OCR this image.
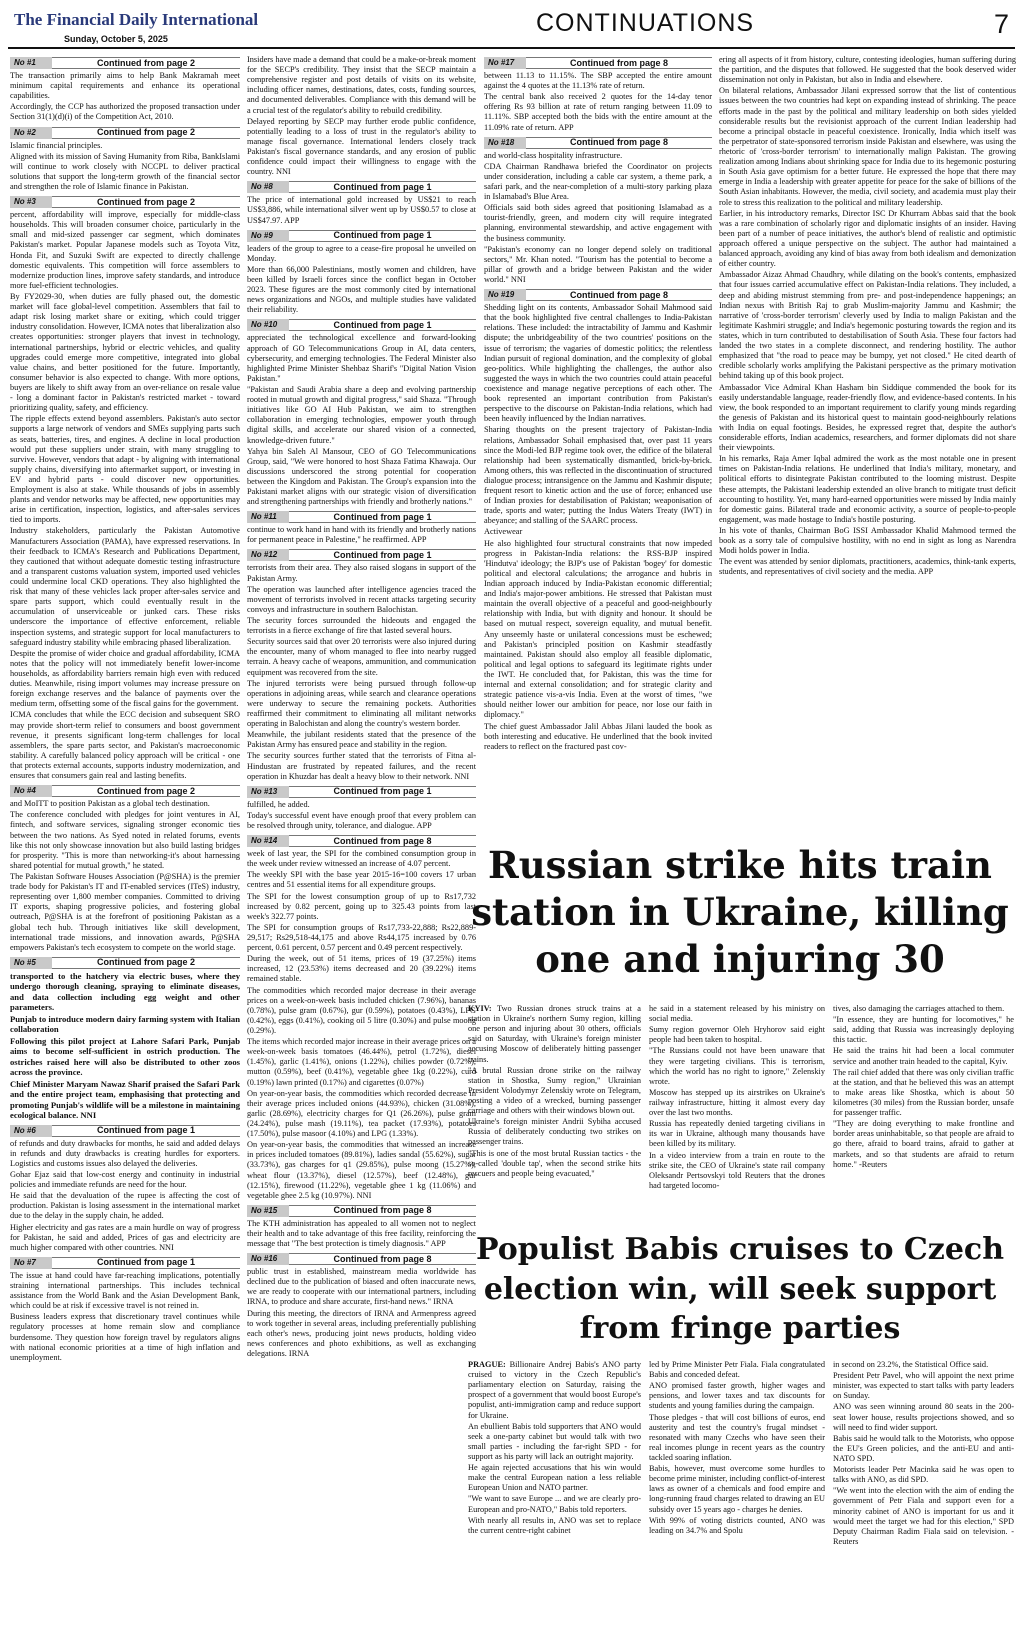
The Financial Daily International
Sunday, October 5, 2025
CONTINUATIONS	7
No #1	Continued from page 2

The transaction primarily aims to help Bank Makramah meet minimum capital requirements and enhance its operational capabilities.

Accordingly, the CCP has authorized the proposed transaction under Section 31(1)(d)(i) of the Competition Act, 2010.

No #2	Continued from page 2

Islamic financial principles.

Aligned with its mission of Saving Humanity from Riba, BankIslami will continue to work closely with NCCPL to deliver practical solutions that support the long-term growth of the financial sector and strengthen the role of Islamic finance in Pakistan.

No #3	Continued from page 2

percent, affordability will improve, especially for middle-class households. This will broaden consumer choice, particularly in the small and mid-sized passenger car segment, which dominates Pakistan's market. Popular Japanese models such as Toyota Vitz, Honda Fit, and Suzuki Swift are expected to directly challenge domestic equivalents. This competition will force assemblers to modernize production lines, improve safety standards, and introduce more fuel-efficient technologies.

By FY2029-30, when duties are fully phased out, the domestic market will face global-level competition. Assemblers that fail to adapt risk losing market share or exiting, which could trigger industry consolidation. However, ICMA notes that liberalization also creates opportunities: stronger players that invest in technology, international partnerships, hybrid or electric vehicles, and quality upgrades could emerge more competitive, integrated into global value chains, and better positioned for the future. Importantly, consumer behavior is also expected to change. With more options, buyers are likely to shift away from an over-reliance on resale value - long a dominant factor in Pakistan's restricted market - toward prioritizing quality, safety, and efficiency.

The ripple effects extend beyond assemblers. Pakistan's auto sector supports a large network of vendors and SMEs supplying parts such as seats, batteries, tires, and engines. A decline in local production would put these suppliers under strain, with many struggling to survive. However, vendors that adapt - by aligning with international supply chains, diversifying into aftermarket support, or investing in EV and hybrid parts - could discover new opportunities. Employment is also at stake. While thousands of jobs in assembly plants and vendor networks may be affected, new opportunities may arise in certification, inspection, logistics, and after-sales services tied to imports.

Industry stakeholders, particularly the Pakistan Automotive Manufacturers Association (PAMA), have expressed reservations. In their feedback to ICMA's Research and Publications Department, they cautioned that without adequate domestic testing infrastructure and a transparent customs valuation system, imported used vehicles could undermine local CKD operations. They also highlighted the risk that many of these vehicles lack proper after-sales service and spare parts support, which could eventually result in the accumulation of unserviceable or junked cars. These risks underscore the importance of effective enforcement, reliable inspection systems, and strategic support for local manufacturers to safeguard industry stability while embracing phased liberalization.

Despite the promise of wider choice and gradual affordability, ICMA notes that the policy will not immediately benefit lower-income households, as affordability barriers remain high even with reduced duties. Meanwhile, rising import volumes may increase pressure on foreign exchange reserves and the balance of payments over the medium term, offsetting some of the fiscal gains for the government.

ICMA concludes that while the ECC decision and subsequent SRO may provide short-term relief to consumers and boost government revenue, it presents significant long-term challenges for local assemblers, the spare parts sector, and Pakistan's macroeconomic stability. A carefully balanced policy approach will be critical - one that protects external accounts, supports industry modernization, and ensures that consumers gain real and lasting benefits.

No #4	Continued from page 2

and MoITT to position Pakistan as a global tech destination.

The conference concluded with pledges for joint ventures in AI, fintech, and software services, signaling stronger economic ties between the two nations. As Syed noted in related forums, events like this not only showcase innovation but also build lasting bridges for prosperity. "This is more than networking-it's about harnessing shared potential for mutual growth," he stated.

The Pakistan Software Houses Association (P@SHA) is the premier trade body for Pakistan's IT and IT-enabled services (ITeS) industry, representing over 1,800 member companies. Committed to driving IT exports, shaping progressive policies, and fostering global outreach, P@SHA is at the forefront of positioning Pakistan as a global tech hub. Through initiatives like skill development, international trade missions, and innovation awards, P@SHA empowers Pakistan's tech ecosystem to compete on the world stage.

No #5	Continued from page 2

transported to the hatchery via electric buses, where they undergo thorough cleaning, spraying to eliminate diseases, and data collection including egg weight and other parameters.

Punjab to introduce modern dairy farming system with Italian collaboration

Following this pilot project at Lahore Safari Park, Punjab aims to become self-sufficient in ostrich production. The ostriches raised here will also be distributed to other zoos across the province.

Chief Minister Maryam Nawaz Sharif praised the Safari Park and the entire project team, emphasising that protecting and promoting Punjab's wildlife will be a milestone in maintaining ecological balance. NNI

No #6	Continued from page 1

of refunds and duty drawbacks for months, he said and added delays in refunds and duty drawbacks is creating hurdles for exporters. Logistics and customs issues also delayed the deliveries.

Gohar Ejaz said that low-cost energy and continuity in industrial policies and immediate refunds are need for the hour.

He said that the devaluation of the rupee is affecting the cost of production. Pakistan is losing assessment in the international market due to the delay in the supply chain, he added.

Higher electricity and gas rates are a main hurdle on way of progress for Pakistan, he said and added, Prices of gas and electricity are much higher compared with other countries. NNI

No #7	Continued from page 1

The issue at hand could have far-reaching implications, potentially straining international partnerships. This includes technical assistance from the World Bank and the Asian Development Bank, which could be at risk if excessive travel is not reined in.

Business leaders express that discretionary travel continues while regulatory processes at home remain slow and compliance burdensome. They question how foreign travel by regulators aligns with national economic priorities at a time of high inflation and unemployment.

Insiders have made a demand that could be a make-or-break moment for the SECP's credibility. They insist that the SECP maintain a comprehensive register and post details of visits on its website, including officer names, destinations, dates, costs, funding sources, and documented deliverables. Compliance with this demand will be a crucial test of the regulator's ability to rebuild credibility.

Delayed reporting by SECP may further erode public confidence, potentially leading to a loss of trust in the regulator's ability to manage fiscal governance. International lenders closely track Pakistan's fiscal governance standards, and any erosion of public confidence could impact their willingness to engage with the country. NNI

No #8	Continued from page 1

The price of international gold increased by US$21 to reach US$3,886, while international silver went up by US$0.57 to close at US$47.97. APP

No #9	Continued from page 1

leaders of the group to agree to a cease-fire proposal he unveiled on Monday.

More than 66,000 Palestinians, mostly women and children, have been killed by Israeli forces since the conflict began in October 2023. These figures are the most commonly cited by international news organizations and NGOs, and multiple studies have validated their reliability.

No #10	Continued from page 1

appreciated the technological excellence and forward-looking approach of GO Telecommunications Group in AI, data centers, cybersecurity, and emerging technologies. The Federal Minister also highlighted Prime Minister Shehbaz Sharif's "Digital Nation Vision Pakistan."

"Pakistan and Saudi Arabia share a deep and evolving partnership rooted in mutual growth and digital progress," said Shaza. "Through initiatives like GO AI Hub Pakistan, we aim to strengthen collaboration in emerging technologies, empower youth through digital skills, and accelerate our shared vision of a connected, knowledge-driven future."

Yahya bin Saleh Al Mansour, CEO of GO Telecommunications Group, said, "We were honored to host Shaza Fatima Khawaja. Our discussions underscored the strong potential for cooperation between the Kingdom and Pakistan. The Group's expansion into the Pakistani market aligns with our strategic vision of diversification and strengthening partnerships with friendly and brotherly nations."

No #11	Continued from page 1

continue to work hand in hand with its friendly and brotherly nations for permanent peace in Palestine," he reaffirmed. APP

No #12	Continued from page 1

terrorists from their area. They also raised slogans in support of the Pakistan Army.

The operation was launched after intelligence agencies traced the movement of terrorists involved in recent attacks targeting security convoys and infrastructure in southern Balochistan.

The security forces surrounded the hideouts and engaged the terrorists in a fierce exchange of fire that lasted several hours.

Security sources said that over 20 terrorists were also injured during the encounter, many of whom managed to flee into nearby rugged terrain. A heavy cache of weapons, ammunition, and communication equipment was recovered from the site.

The injured terrorists were being pursued through follow-up operations in adjoining areas, while search and clearance operations were underway to secure the remaining pockets. Authorities reaffirmed their commitment to eliminating all militant networks operating in Balochistan and along the country's western border.

Meanwhile, the jubilant residents stated that the presence of the Pakistan Army has ensured peace and stability in the region.

The security sources further stated that the terrorists of Fitna al-Hindustan are frustrated by repeated failures, and the recent operation in Khuzdar has dealt a heavy blow to their network. NNI

No #13	Continued from page 1

fulfilled, he added.

Today's successful event have enough proof that every problem can be resolved through unity, tolerance, and dialogue. APP

No #14	Continued from page 8

week of last year, the SPI for the combined consumption group in the week under review witnessed an increase of 4.07 percent.

The weekly SPI with the base year 2015-16=100 covers 17 urban centres and 51 essential items for all expenditure groups.

The SPI for the lowest consumption group of up to Rs17,732 increased by 0.82 percent, going up to 325.43 points from last week's 322.77 points.

The SPI for consumption groups of Rs17,733-22,888; Rs22,889-29,517; Rs29,518-44,175 and above Rs44,175 increased by 0.76 percent, 0.61 percent, 0.57 percent and 0.49 percent respectively.

During the week, out of 51 items, prices of 19 (37.25%) items increased, 12 (23.53%) items decreased and 20 (39.22%) items remained stable.

The commodities which recorded major decrease in their average prices on a week-on-week basis included chicken (7.96%), bananas (0.78%), pulse gram (0.67%), gur (0.59%), potatoes (0.43%), LPG (0.42%), eggs (0.41%), cooking oil 5 litre (0.30%) and pulse moong (0.29%).

The items which recorded major increase in their average prices on a week-on-week basis tomatoes (46.44%), petrol (1.72%), diesel (1.45%), garlic (1.41%), onions (1.22%), chilies powder (0.72%), mutton (0.59%), beef (0.41%), vegetable ghee 1kg (0.22%), curd (0.19%) lawn printed (0.17%) and cigarettes (0.07%)

On year-on-year basis, the commodities which recorded decrease in their average prices included onions (44.93%), chicken (31.08%), garlic (28.69%), electricity charges for Q1 (26.26%), pulse gram (24.24%), pulse mash (19.11%), tea packet (17.93%), potatoes (17.50%), pulse masoor (4.10%) and LPG (1.33%).

On year-on-year basis, the commodities that witnessed an increase in prices included tomatoes (89.81%), ladies sandal (55.62%), sugar (33.73%), gas charges for q1 (29.85%), pulse moong (15.27%), wheat flour (13.37%), diesel (12.57%), beef (12.48%), gur (12.15%), firewood (11.22%), vegetable ghee 1 kg (11.06%) and vegetable ghee 2.5 kg (10.97%). NNI

No #15	Continued from page 8

The KTH administration has appealed to all women not to neglect their health and to take advantage of this free facility, reinforcing the message that "The best protection is timely diagnosis." APP

No #16	Continued from page 8

public trust in established, mainstream media worldwide has declined due to the publication of biased and often inaccurate news, we are ready to cooperate with our international partners, including IRNA, to produce and share accurate, first-hand news." IRNA

During this meeting, the directors of IRNA and Armenpress agreed to work together in several areas, including preferentially publishing each other's news, producing joint news products, holding video news conferences and photo exhibitions, as well as exchanging delegations. IRNA

No #17	Continued from page 8

between 11.13 to 11.15%. The SBP accepted the entire amount against the 4 quotes at the 11.13% rate of return.

The central bank also received 2 quotes for the 14-day tenor offering Rs 93 billion at rate of return ranging between 11.09 to 11.11%. SBP accepted both the bids with the entire amount at the 11.09% rate of return. APP

No #18	Continued from page 8

and world-class hospitality infrastructure.

CDA Chairman Randhawa briefed the Coordinator on projects under consideration, including a cable car system, a theme park, a safari park, and the near-completion of a multi-story parking plaza in Islamabad's Blue Area.

Officials said both sides agreed that positioning Islamabad as a tourist-friendly, green, and modern city will require integrated planning, environmental stewardship, and active engagement with the business community.

"Pakistan's economy can no longer depend solely on traditional sectors," Mr. Khan noted. "Tourism has the potential to become a pillar of growth and a bridge between Pakistan and the wider world." NNI

No #19	Continued from page 8

Shedding light on its contents, Ambassador Sohail Mahmood said that the book highlighted five central challenges to India-Pakistan relations. These included: the intractability of Jammu and Kashmir dispute; the unbridgeability of the two countries' positions on the issue of terrorism; the vagaries of domestic politics; the relentless Indian pursuit of regional domination, and the complexity of global geo-politics. While highlighting the challenges, the author also suggested the ways in which the two countries could attain peaceful coexistence and manage negative perceptions of each other. The book represented an important contribution from Pakistan's perspective to the discourse on Pakistan-India relations, which had been heavily influenced by the Indian narratives.

Sharing thoughts on the present trajectory of Pakistan-India relations, Ambassador Sohail emphasised that, over past 11 years since the Modi-led BJP regime took over, the edifice of the bilateral relationship had been systematically dismantled, brick-by-brick. Among others, this was reflected in the discontinuation of structured dialogue process; intransigence on the Jammu and Kashmir dispute; frequent resort to kinetic action and the use of force; enhanced use of Indian proxies for destabilisation of Pakistan; weaponisation of trade, sports and water; putting the Indus Waters Treaty (IWT) in abeyance; and stalling of the SAARC process.

Activewear

He also highlighted four structural constraints that now impeded progress in Pakistan-India relations: the RSS-BJP inspired 'Hindutva' ideology; the BJP's use of Pakistan 'bogey' for domestic political and electoral calculations; the arrogance and hubris in Indian approach induced by India-Pakistan economic differential; and India's major-power ambitions. He stressed that Pakistan must maintain the overall objective of a peaceful and good-neighbourly relationship with India, but with dignity and honour. It should be based on mutual respect, sovereign equality, and mutual benefit. Any unseemly haste or unilateral concessions must be eschewed; and Pakistan's principled position on Kashmir steadfastly maintained. Pakistan should also employ all feasible diplomatic, political and legal options to safeguard its legitimate rights under the IWT. He concluded that, for Pakistan, this was the time for internal and external consolidation; and for strategic clarity and strategic patience vis-a-vis India. Even at the worst of times, "we should neither lower our ambition for peace, nor lose our faith in diplomacy."

The chief guest Ambassador Jalil Abbas Jilani lauded the book as both interesting and educative. He underlined that the book invited readers to reflect on the fractured past cov-

ering all aspects of it from history, culture, contesting ideologies, human suffering during the partition, and the disputes that followed. He suggested that the book deserved wider dissemination not only in Pakistan, but also in India and elsewhere.

On bilateral relations, Ambassador Jilani expressed sorrow that the list of contentious issues between the two countries had kept on expanding instead of shrinking. The peace efforts made in the past by the political and military leadership on both sides yielded considerable results but the revisionist approach of the current Indian leadership had become a principal obstacle in peaceful coexistence. Ironically, India which itself was the perpetrator of state-sponsored terrorism inside Pakistan and elsewhere, was using the rhetoric of 'cross-border terrorism' to internationally malign Pakistan. The growing realization among Indians about shrinking space for India due to its hegemonic posturing in South Asia gave optimism for a better future. He expressed the hope that there may emerge in India a leadership with greater appetite for peace for the sake of billions of the South Asian inhabitants. However, the media, civil society, and academia must play their role to stress this realization to the political and military leadership.

Earlier, in his introductory remarks, Director ISC Dr Khurram Abbas said that the book was a rare combination of scholarly rigor and diplomatic insights of an insider. Having been part of a number of peace initiatives, the author's blend of realistic and optimistic approach offered a unique perspective on the subject. The author had maintained a balanced approach, avoiding any kind of bias away from both idealism and demonization of either country.

Ambassador Aizaz Ahmad Chaudhry, while dilating on the book's contents, emphasized that four issues carried accumulative effect on Pakistan-India relations. They included, a deep and abiding mistrust stemming from pre- and post-independence happenings; an Indian nexus with British Raj to grab Muslim-majority Jammu and Kashmir; the narrative of 'cross-border terrorism' cleverly used by India to malign Pakistan and the legitimate Kashmiri struggle; and India's hegemonic posturing towards the region and its states, which in turn contributed to destabilisation of South Asia. These four factors had landed the two states in a complete disconnect, and rendering hostility. The author emphasized that "the road to peace may be bumpy, yet not closed." He cited dearth of credible scholarly works amplifying the Pakistani perspective as the primary motivation behind taking up of this book project.

Ambassador Vice Admiral Khan Hasham bin Siddique commended the book for its easily understandable language, reader-friendly flow, and evidence-based contents. In his view, the book responded to an important requirement to clarify young minds regarding the genesis of Pakistan and its historical quest to maintain good-neighbourly relations with India on equal footings. Besides, he expressed regret that, despite the author's considerable efforts, Indian academics, researchers, and former diplomats did not share their viewpoints.

In his remarks, Raja Amer Iqbal admired the work as the most notable one in present times on Pakistan-India relations. He underlined that India's military, monetary, and political efforts to disintegrate Pakistan contributed to the looming mistrust. Despite these attempts, the Pakistani leadership extended an olive branch to mitigate trust deficit accounting to hostility. Yet, many hard-earned opportunities were missed by India mainly for domestic gains. Bilateral trade and economic activity, a source of people-to-people engagement, was made hostage to India's hostile posturing.

In his vote of thanks, Chairman BoG ISSI Ambassador Khalid Mahmood termed the book as a sorry tale of compulsive hostility, with no end in sight as long as Narendra Modi holds power in India.

The event was attended by senior diplomats, practitioners, academics, think-tank experts, students, and representatives of civil society and the media. APP

Russian strike hits train station in Ukraine, killing one and injuring 30

KYIV: Two Russian drones struck trains at a station in Ukraine's northern Sumy region, killing one person and injuring about 30 others, officials said on Saturday, with Ukraine's foreign minister accusing Moscow of deliberately hitting passenger trains.

"A brutal Russian drone strike on the railway station in Shostka, Sumy region," Ukrainian President Volodymyr Zelenskiy wrote on Telegram, posting a video of a wrecked, burning passenger carriage and others with their windows blown out.

Ukraine's foreign minister Andrii Sybiha accused Russia of deliberately conducting two strikes on passenger trains.

"This is one of the most brutal Russian tactics - the so-called 'double tap', when the second strike hits rescuers and people being evacuated,"

he said in a statement released by his ministry on social media.

Sumy region governor Oleh Hryhorov said eight people had been taken to hospital.

"The Russians could not have been unaware that they were targeting civilians. This is terrorism, which the world has no right to ignore," Zelenskiy wrote.

Moscow has stepped up its airstrikes on Ukraine's railway infrastructure, hitting it almost every day over the last two months.

Russia has repeatedly denied targeting civilians in its war in Ukraine, although many thousands have been killed by its military.

In a video interview from a train en route to the strike site, the CEO of Ukraine's state rail company Oleksandr Pertsovskyi told Reuters that the drones had targeted locomo-

tives, also damaging the carriages attached to them.

"In essence, they are hunting for locomotives," he said, adding that Russia was increasingly deploying this tactic.

He said the trains hit had been a local commuter service and another train headed to the capital, Kyiv.

The rail chief added that there was only civilian traffic at the station, and that he believed this was an attempt to make areas like Shostka, which is about 50 kilometres (30 miles) from the Russian border, unsafe for passenger traffic.

"They are doing everything to make frontline and border areas uninhabitable, so that people are afraid to go there, afraid to board trains, afraid to gather at markets, and so that students are afraid to return home." -Reuters

Populist Babis cruises to Czech election win, will seek support from fringe parties

PRAGUE: Billionaire Andrej Babis's ANO party cruised to victory in the Czech Republic's parliamentary election on Saturday, raising the prospect of a government that would boost Europe's populist, anti-immigration camp and reduce support for Ukraine.

An ebullient Babis told supporters that ANO would seek a one-party cabinet but would talk with two small parties - including the far-right SPD - for support as his party will lack an outright majority.

He again rejected accusations that his win would make the central European nation a less reliable European Union and NATO partner.

"We want to save Europe ... and we are clearly pro-European and pro-NATO," Babis told reporters.

With nearly all results in, ANO was set to replace the current centre-right cabinet

led by Prime Minister Petr Fiala. Fiala congratulated Babis and conceded defeat.

ANO promised faster growth, higher wages and pensions, and lower taxes and tax discounts for students and young families during the campaign.

Those pledges - that will cost billions of euros, end austerity and test the country's frugal mindset - resonated with many Czechs who have seen their real incomes plunge in recent years as the country tackled soaring inflation.

Babis, however, must overcome some hurdles to become prime minister, including conflict-of-interest laws as owner of a chemicals and food empire and long-running fraud charges related to drawing an EU subsidy over 15 years ago - charges he denies.

With 99% of voting districts counted, ANO was leading on 34.7% and Spolu

in second on 23.2%, the Statistical Office said.

President Petr Pavel, who will appoint the next prime minister, was expected to start talks with party leaders on Sunday.

ANO was seen winning around 80 seats in the 200-seat lower house, results projections showed, and so will need to find wider support.

Babis said he would talk to the Motorists, who oppose the EU's Green policies, and the anti-EU and anti-NATO SPD.

Motorists leader Petr Macinka said he was open to talks with ANO, as did SPD.

"We went into the election with the aim of ending the government of Petr Fiala and support even for a minority cabinet of ANO is important for us and it would meet the target we had for this election," SPD Deputy Chairman Radim Fiala said on television. -Reuters
